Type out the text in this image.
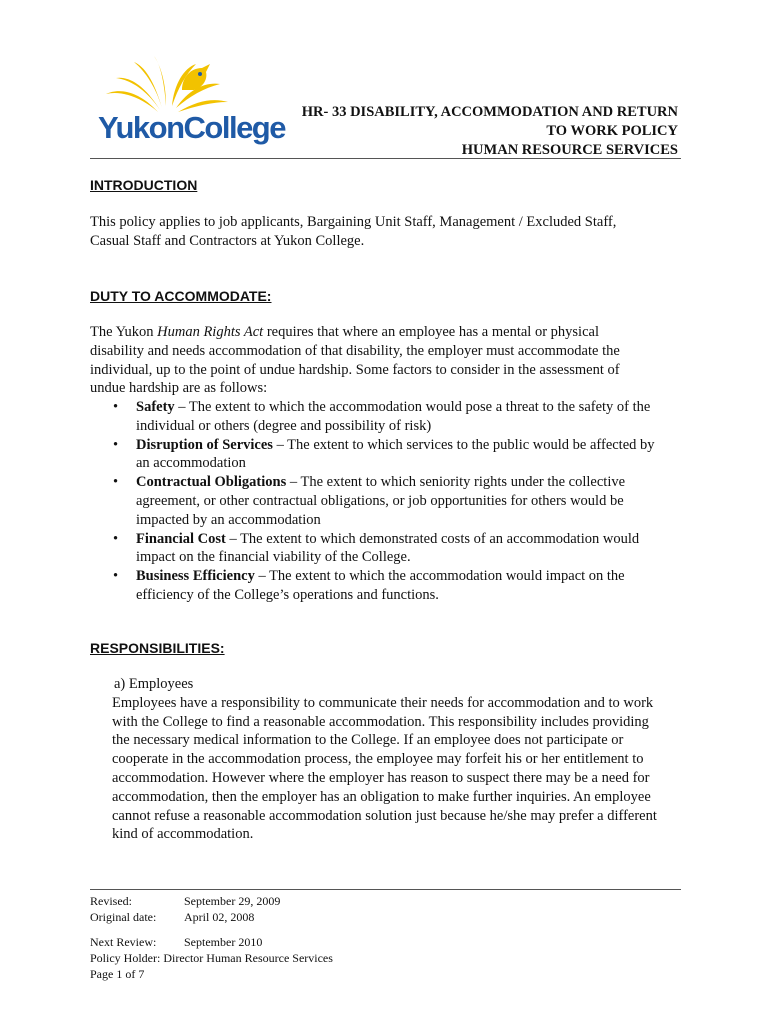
YukonCollege HR- 33 DISABILITY, ACCOMMODATION AND RETURN
TO WORK POLICY
HUMAN RESOURCE SERVICES
INTRODUCTION

This policy applies to job applicants, Bargaining Unit Staff, Management / Excluded Staff,

Casual Staff and Contractors at Yukon College.

DUTY TO ACCOMMODATE:

The Yukon Human Rights Act requires that where an employee has a mental or physical

disability and needs accommodation of that disability, the employer must accommodate the

individual, up to the point of undue hardship. Some factors to consider in the assessment of

undue hardship are as follows:

• Safety – The extent to which the accommodation would pose a threat to the safety of the

individual or others (degree and possibility of risk)

• Disruption of Services – The extent to which services to the public would be affected by

an accommodation

• Contractual Obligations – The extent to which seniority rights under the collective

agreement, or other contractual obligations, or job opportunities for others would be

impacted by an accommodation

• Financial Cost – The extent to which demonstrated costs of an accommodation would

impact on the financial viability of the College.

• Business Efficiency – The extent to which the accommodation would impact on the

efficiency of the College’s operations and functions.

RESPONSIBILITIES:

a) Employees

Employees have a responsibility to communicate their needs for accommodation and to work

with the College to find a reasonable accommodation. This responsibility includes providing

the necessary medical information to the College. If an employee does not participate or

cooperate in the accommodation process, the employee may forfeit his or her entitlement to

accommodation. However where the employer has reason to suspect there may be a need for

accommodation, then the employer has an obligation to make further inquiries. An employee

cannot refuse a reasonable accommodation solution just because he/she may prefer a different

kind of accommodation.

Revised:	September 29, 2009
Original date: April 02, 2008
Next Review: September 2010
Policy Holder: Director Human Resource Services
Page 1 of 7
